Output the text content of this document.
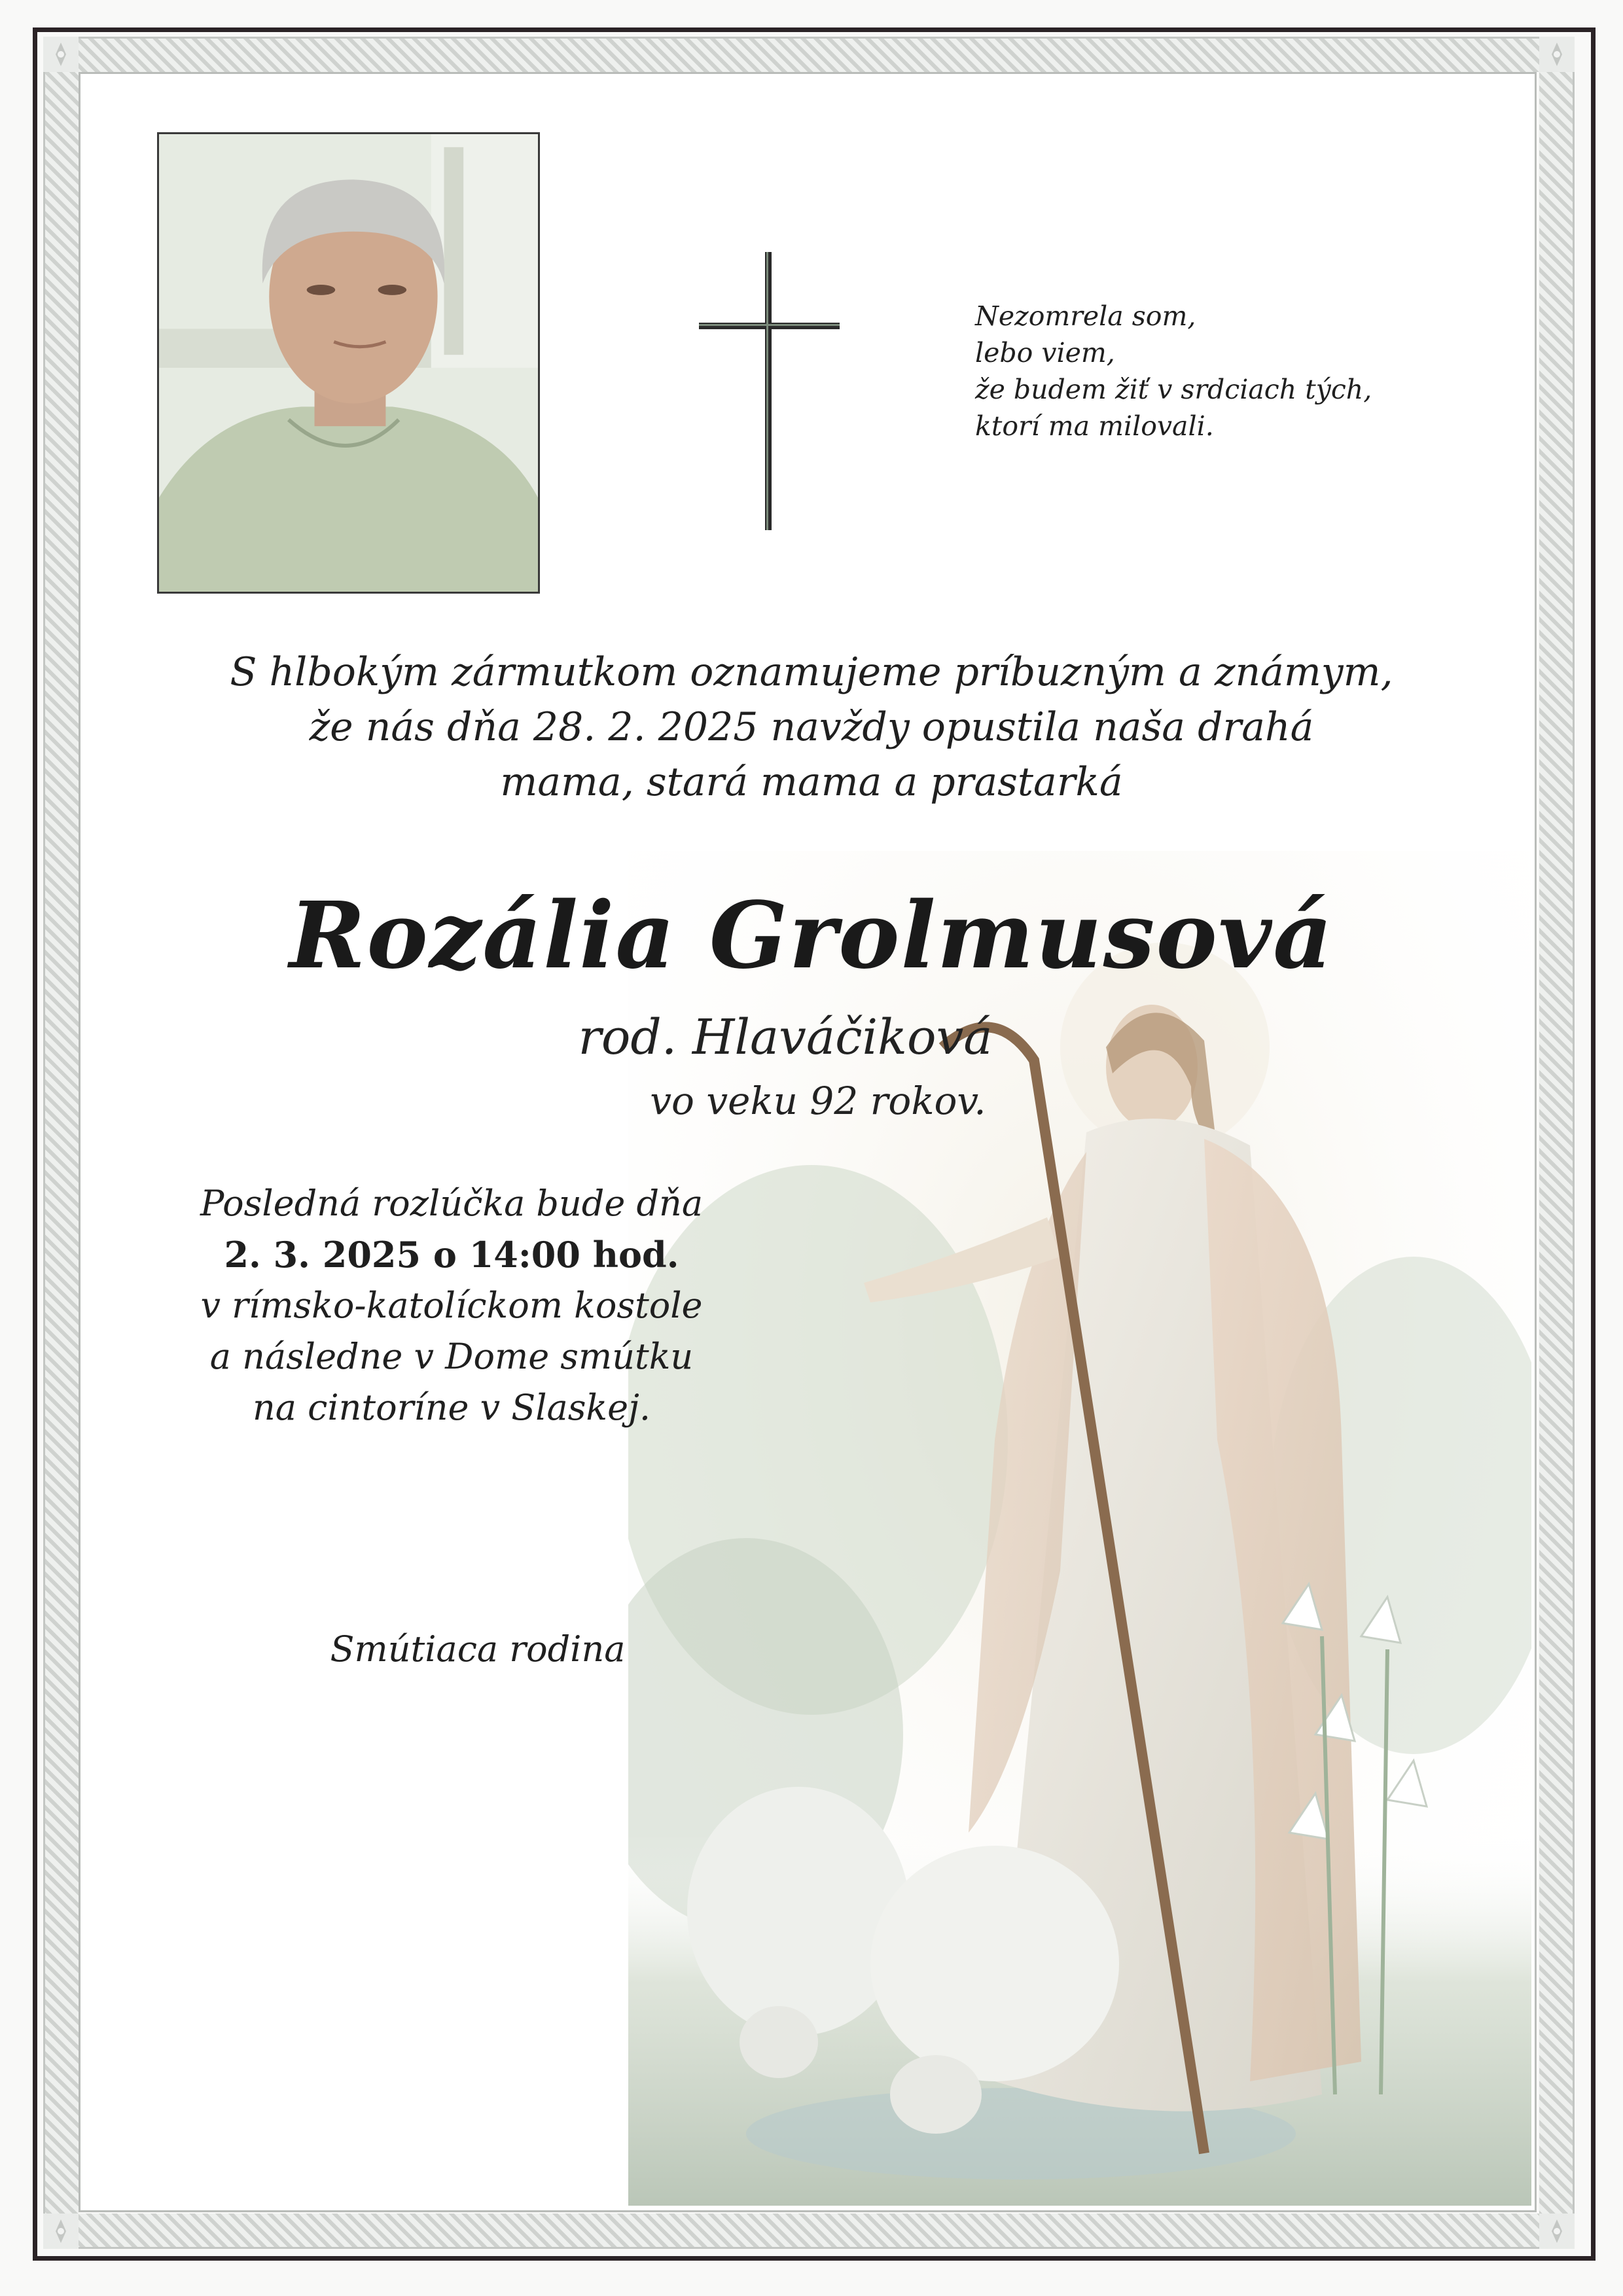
Nezomrela som,
lebo viem,
že budem žiť v srdciach tých,
ktorí ma milovali.
S hlbokým zármutkom oznamujeme príbuzným a známym,
že nás dňa 28. 2. 2025 navždy opustila naša drahá
mama, stará mama a prastarká
Rozália Grolmusová
rod. Hlaváčiková
vo veku 92 rokov.
Posledná rozlúčka bude dňa
2. 3. 2025 o 14:00 hod.
v rímsko-katolíckom kostole
a následne v Dome smútku
na cintoríne v Slaskej.
Smútiaca rodina
